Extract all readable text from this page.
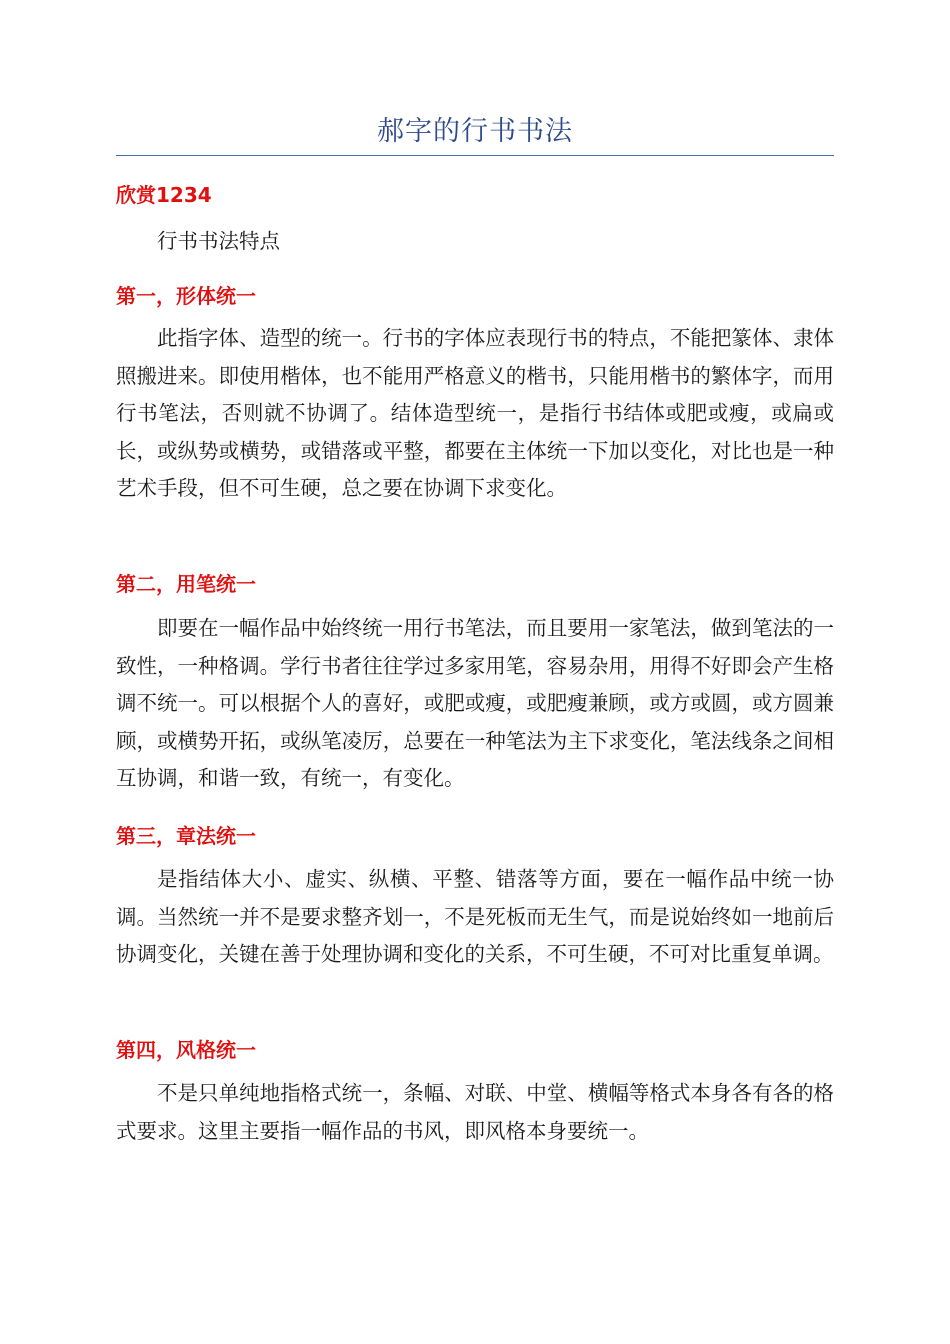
郝字的行书书法
欣赏1234
行书书法特点
第一，形体统一
此指字体、造型的统一。行书的字体应表现行书的特点，不能把篆体、隶体照搬进来。即使用楷体，也不能用严格意义的楷书，只能用楷书的繁体字，而用行书笔法，否则就不协调了。结体造型统一，是指行书结体或肥或瘦，或扁或长，或纵势或横势，或错落或平整，都要在主体统一下加以变化，对比也是一种艺术手段，但不可生硬，总之要在协调下求变化。
第二，用笔统一
即要在一幅作品中始终统一用行书笔法，而且要用一家笔法，做到笔法的一致性，一种格调。学行书者往往学过多家用笔，容易杂用，用得不好即会产生格调不统一。可以根据个人的喜好，或肥或瘦，或肥瘦兼顾，或方或圆，或方圆兼顾，或横势开拓，或纵笔凌厉，总要在一种笔法为主下求变化，笔法线条之间相互协调，和谐一致，有统一，有变化。
第三，章法统一
是指结体大小、虚实、纵横、平整、错落等方面，要在一幅作品中统一协调。当然统一并不是要求整齐划一，不是死板而无生气，而是说始终如一地前后协调变化，关键在善于处理协调和变化的关系，不可生硬，不可对比重复单调。
第四，风格统一
不是只单纯地指格式统一，条幅、对联、中堂、横幅等格式本身各有各的格式要求。这里主要指一幅作品的书风，即风格本身要统一。
